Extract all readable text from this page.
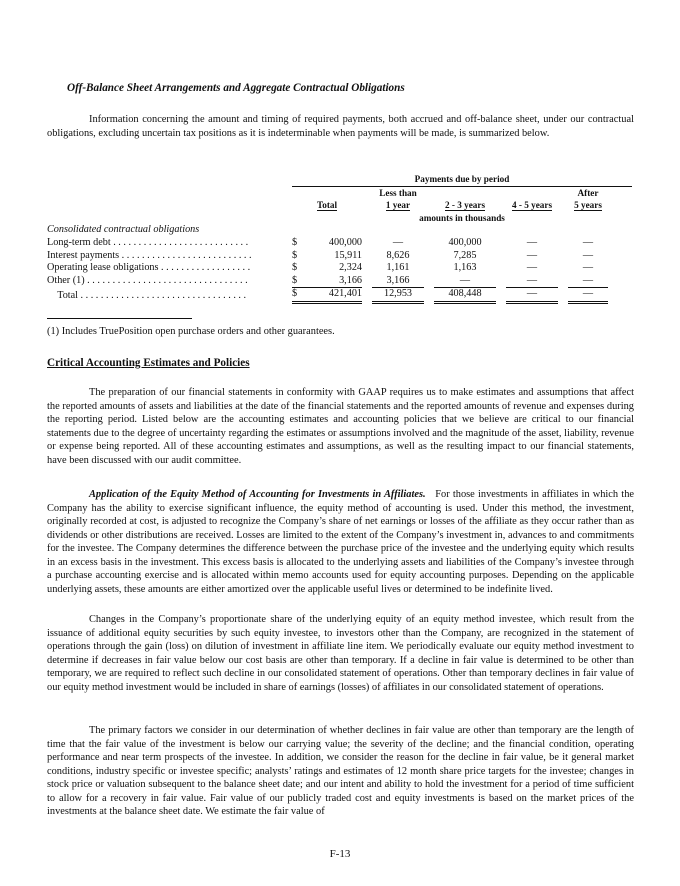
Off-Balance Sheet Arrangements and Aggregate Contractual Obligations

Information concerning the amount and timing of required payments, both accrued and off-balance sheet, under our contractual obligations, excluding uncertain tax positions as it is indeterminable when payments will be made, is summarized below.

	Payments due by period										
				Less than						After	
	Total			1 year		2 - 3 years		4 - 5 years		5 years	
	amounts in thousands										
Consolidated contractual obligations											
Long-term debt . . . . . . . . . . . . . . . . . . . . . . . . . . .	$	400,000		—		400,000		—		—	
Interest payments . . . . . . . . . . . . . . . . . . . . . . . . . .	$	15,911		8,626		7,285		—		—	
Operating lease obligations . . . . . . . . . . . . . . . . . .	$	2,324		1,161		1,163		—		—	
Other (1) . . . . . . . . . . . . . . . . . . . . . . . . . . . . . . . .	$	3,166		3,166		—		—		—	
Total . . . . . . . . . . . . . . . . . . . . . . . . . . . . . . . . .	$	421,401		12,953		408,448		—		—	
(1) Includes TruePosition open purchase orders and other guarantees.
Critical Accounting Estimates and Policies

The preparation of our financial statements in conformity with GAAP requires us to make estimates and assumptions that affect the reported amounts of assets and liabilities at the date of the financial statements and the reported amounts of revenue and expenses during the reporting period. Listed below are the accounting estimates and accounting policies that we believe are critical to our financial statements due to the degree of uncertainty regarding the estimates or assumptions involved and the magnitude of the asset, liability, revenue or expense being reported. All of these accounting estimates and assumptions, as well as the resulting impact to our financial statements, have been discussed with our audit committee.

Application of the Equity Method of Accounting for Investments in Affiliates. For those investments in affiliates in which the Company has the ability to exercise significant influence, the equity method of accounting is used. Under this method, the investment, originally recorded at cost, is adjusted to recognize the Company’s share of net earnings or losses of the affiliate as they occur rather than as dividends or other distributions are received. Losses are limited to the extent of the Company’s investment in, advances to and commitments for the investee. The Company determines the difference between the purchase price of the investee and the underlying equity which results in an excess basis in the investment. This excess basis is allocated to the underlying assets and liabilities of the Company’s investee through a purchase accounting exercise and is allocated within memo accounts used for equity accounting purposes. Depending on the applicable underlying assets, these amounts are either amortized over the applicable useful lives or determined to be indefinite lived.

Changes in the Company’s proportionate share of the underlying equity of an equity method investee, which result from the issuance of additional equity securities by such equity investee, to investors other than the Company, are recognized in the statement of operations through the gain (loss) on dilution of investment in affiliate line item. We periodically evaluate our equity method investment to determine if decreases in fair value below our cost basis are other than temporary. If a decline in fair value is determined to be other than temporary, we are required to reflect such decline in our consolidated statement of operations. Other than temporary declines in fair value of our equity method investment would be included in share of earnings (losses) of affiliates in our consolidated statement of operations.

The primary factors we consider in our determination of whether declines in fair value are other than temporary are the length of time that the fair value of the investment is below our carrying value; the severity of the decline; and the financial condition, operating performance and near term prospects of the investee. In addition, we consider the reason for the decline in fair value, be it general market conditions, industry specific or investee specific; analysts’ ratings and estimates of 12 month share price targets for the investee; changes in stock price or valuation subsequent to the balance sheet date; and our intent and ability to hold the investment for a period of time sufficient to allow for a recovery in fair value. Fair value of our publicly traded cost and equity investments is based on the market prices of the investments at the balance sheet date. We estimate the fair value of

F-13
